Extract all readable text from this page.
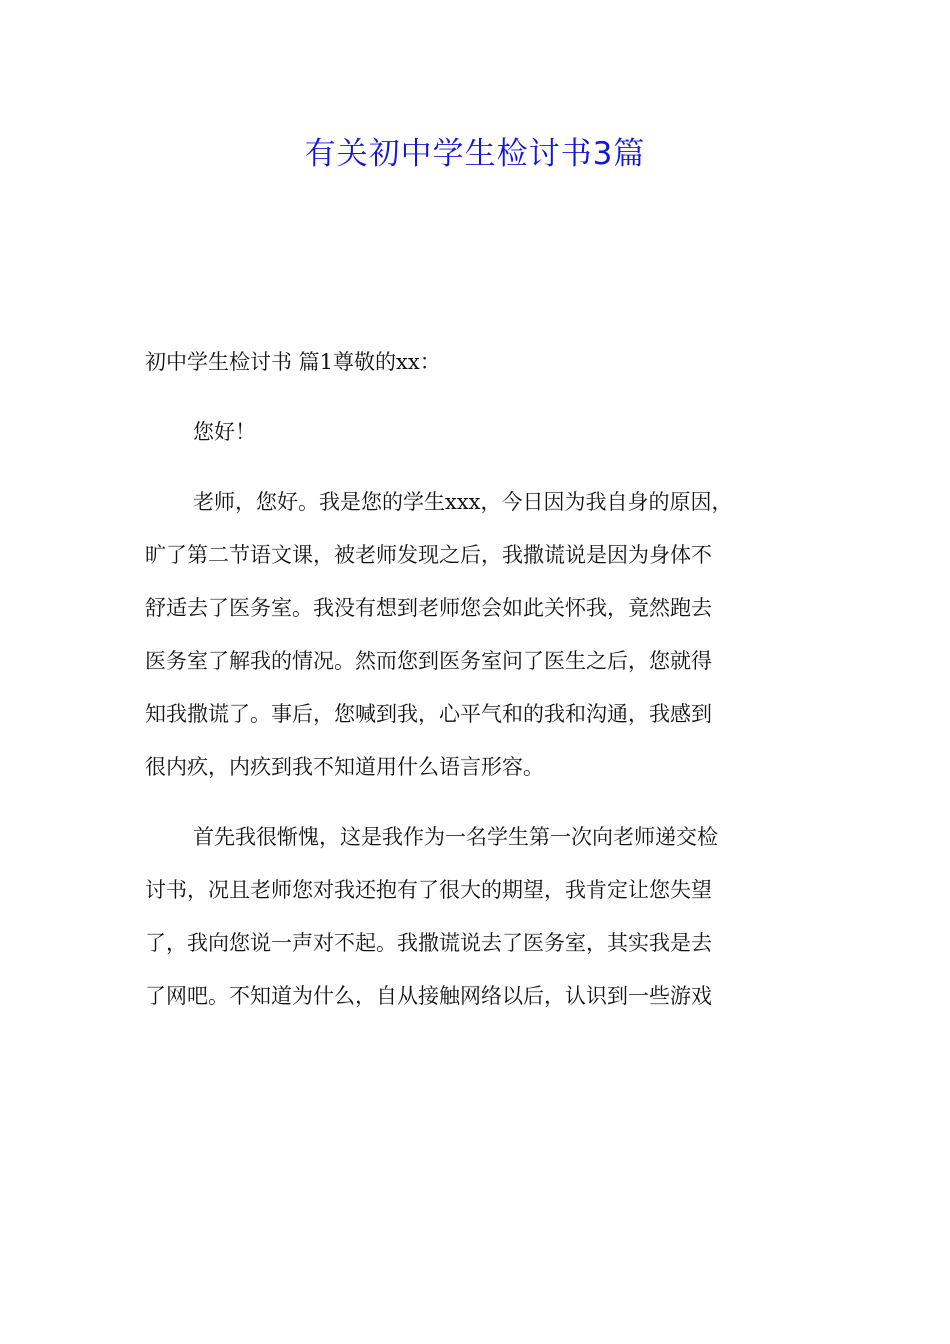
有关初中学生检讨书3篇

初中学生检讨书 篇1尊敬的xx：

您好！

老师，您好。我是您的学生xxx，今日因为我自身的原因，

旷了第二节语文课，被老师发现之后，我撒谎说是因为身体不

舒适去了医务室。我没有想到老师您会如此关怀我，竟然跑去

医务室了解我的情况。然而您到医务室问了医生之后，您就得

知我撒谎了。事后，您喊到我，心平气和的我和沟通，我感到

很内疚，内疚到我不知道用什么语言形容。

首先我很惭愧，这是我作为一名学生第一次向老师递交检

讨书，况且老师您对我还抱有了很大的期望，我肯定让您失望

了，我向您说一声对不起。我撒谎说去了医务室，其实我是去

了网吧。不知道为什么，自从接触网络以后，认识到一些游戏
